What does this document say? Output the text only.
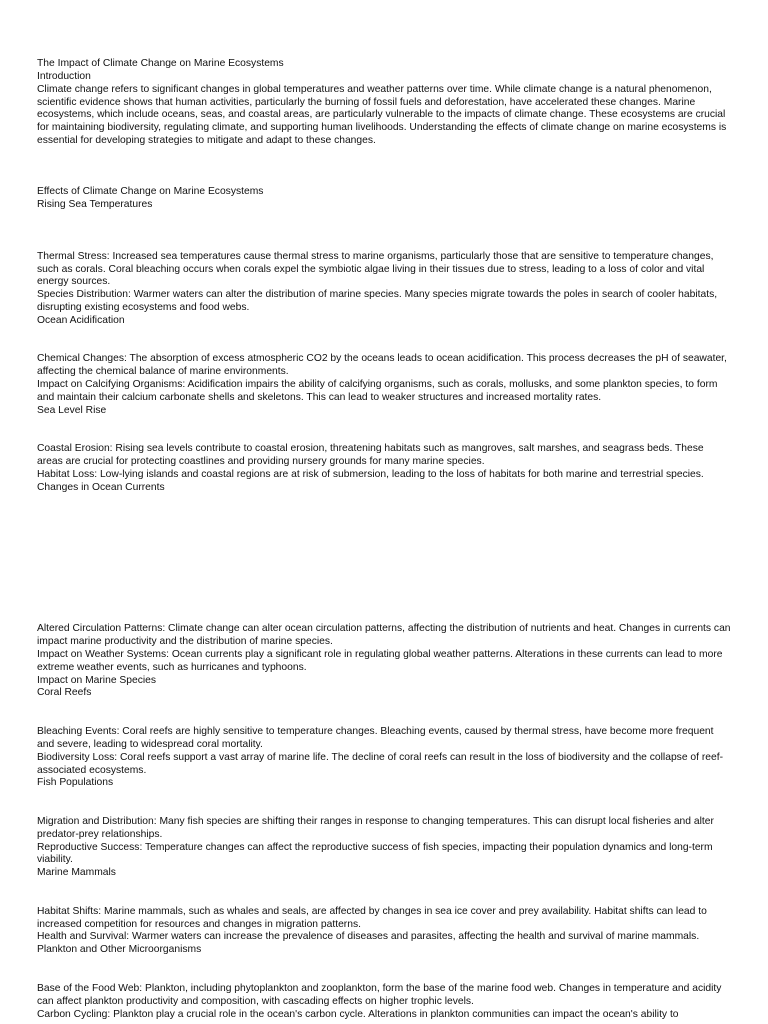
The Impact of Climate Change on Marine Ecosystems

Introduction

Climate change refers to significant changes in global temperatures and weather patterns over time. While climate change is a natural phenomenon, scientific evidence shows that human activities, particularly the burning of fossil fuels and deforestation, have accelerated these changes. Marine ecosystems, which include oceans, seas, and coastal areas, are particularly vulnerable to the impacts of climate change. These ecosystems are crucial for maintaining biodiversity, regulating climate, and supporting human livelihoods. Understanding the effects of climate change on marine ecosystems is essential for developing strategies to mitigate and adapt to these changes.

Effects of Climate Change on Marine Ecosystems

Rising Sea Temperatures

Thermal Stress: Increased sea temperatures cause thermal stress to marine organisms, particularly those that are sensitive to temperature changes, such as corals. Coral bleaching occurs when corals expel the symbiotic algae living in their tissues due to stress, leading to a loss of color and vital energy sources.

Species Distribution: Warmer waters can alter the distribution of marine species. Many species migrate towards the poles in search of cooler habitats, disrupting existing ecosystems and food webs.

Ocean Acidification

Chemical Changes: The absorption of excess atmospheric CO2 by the oceans leads to ocean acidification. This process decreases the pH of seawater, affecting the chemical balance of marine environments.

Impact on Calcifying Organisms: Acidification impairs the ability of calcifying organisms, such as corals, mollusks, and some plankton species, to form and maintain their calcium carbonate shells and skeletons. This can lead to weaker structures and increased mortality rates.

Sea Level Rise

Coastal Erosion: Rising sea levels contribute to coastal erosion, threatening habitats such as mangroves, salt marshes, and seagrass beds. These areas are crucial for protecting coastlines and providing nursery grounds for many marine species.

Habitat Loss: Low-lying islands and coastal regions are at risk of submersion, leading to the loss of habitats for both marine and terrestrial species.

Changes in Ocean Currents

Altered Circulation Patterns: Climate change can alter ocean circulation patterns, affecting the distribution of nutrients and heat. Changes in currents can impact marine productivity and the distribution of marine species.

Impact on Weather Systems: Ocean currents play a significant role in regulating global weather patterns. Alterations in these currents can lead to more extreme weather events, such as hurricanes and typhoons.

Impact on Marine Species

Coral Reefs

Bleaching Events: Coral reefs are highly sensitive to temperature changes. Bleaching events, caused by thermal stress, have become more frequent and severe, leading to widespread coral mortality.

Biodiversity Loss: Coral reefs support a vast array of marine life. The decline of coral reefs can result in the loss of biodiversity and the collapse of reef-associated ecosystems.

Fish Populations

Migration and Distribution: Many fish species are shifting their ranges in response to changing temperatures. This can disrupt local fisheries and alter predator-prey relationships.

Reproductive Success: Temperature changes can affect the reproductive success of fish species, impacting their population dynamics and long-term viability.

Marine Mammals

Habitat Shifts: Marine mammals, such as whales and seals, are affected by changes in sea ice cover and prey availability. Habitat shifts can lead to increased competition for resources and changes in migration patterns.

Health and Survival: Warmer waters can increase the prevalence of diseases and parasites, affecting the health and survival of marine mammals.

Plankton and Other Microorganisms

Base of the Food Web: Plankton, including phytoplankton and zooplankton, form the base of the marine food web. Changes in temperature and acidity can affect plankton productivity and composition, with cascading effects on higher trophic levels.

Carbon Cycling: Plankton play a crucial role in the ocean's carbon cycle. Alterations in plankton communities can impact the ocean's ability to
